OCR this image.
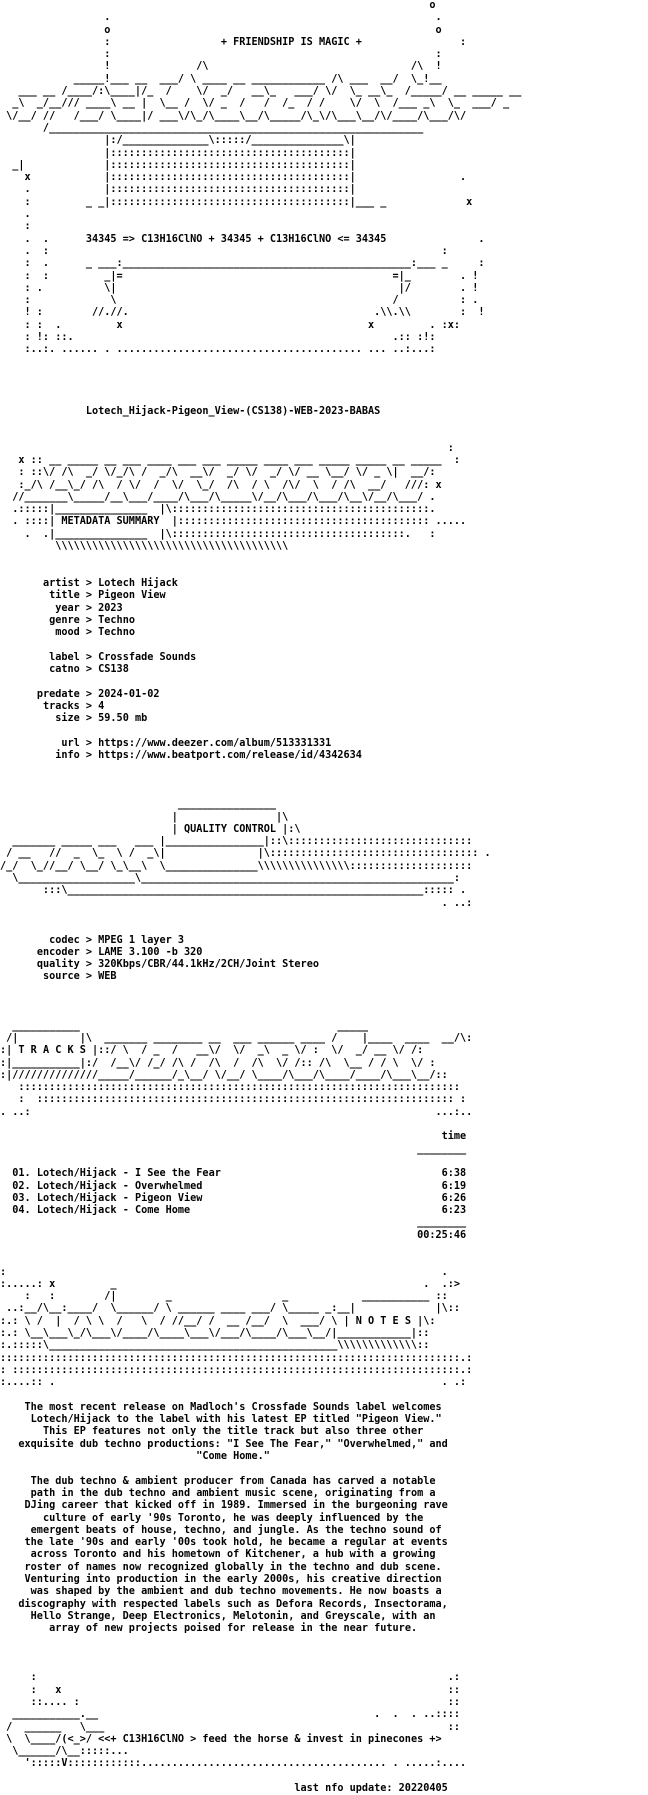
o
.                                                     .
o                                                     o
:                  + FRIENDSHIP IS MAGIC +                :
:                                                     :
!              /\                                 /\  !
_____!___ __  ___/ \ ____ __ ____________ /\ ___  __/  \_!__
___ __ /____/:\____|/_  /    \/  _/   __\_   ___/ \/  \_ __\_  /_____/ __ _____ __
_\  _/__/// ____\ __ |  \__ /  \/ _  /   /  /_  / /    \/  \  /___ _\  \_  ___/ _
\/__/ //   /___/ \____|/ ___\/\_/\____\__/\_____/\_\/\___\__/\/____/\___/\/
/_____________________________________________________________
|:/______________\:::::/_______________\|
|:::::::::::::::::::::::::::::::::::::::|
_|             |:::::::::::::::::::::::::::::::::::::::|
x            |:::::::::::::::::::::::::::::::::::::::|                 .
.            |:::::::::::::::::::::::::::::::::::::::|
:         _ _|:::::::::::::::::::::::::::::::::::::::|___ _             x
.
:
.  .      34345 => C13H16ClNO + 34345 + C13H16ClNO <= 34345               .
.  :                                                                :
:  .      _ ___:_______________________________________________:___ _     :
:  :         _|=                                            =|_        . !
: .          \|                                              |/        . !
:             \                                             /          : .
! :        //.//.                                        .\\.\\        :  !
: :  .         x                                        x         . :x:
: !: ::.                                                    .:: :!:
:..:. ...... . ........................................ ... ..:...:
Lotech_Hijack-Pigeon_View-(CS138)-WEB-2023-BABAS
:
x :: __ _____ __ ___ ____ ___ ___ _____ ____ ___ _____ _____ __ _____  :
: ::\/ /\  _/ \/_/\ /  _/\  __\/  _/ \/  _/ \/ __ \__/ \/ _ \|  __/:
:_/\ /__\_/ /\  / \/  /  \/  \_/  /\  / \  /\/  \  / /\  __/   ///: x
//_______\_____/__\___/____/\___/\_____\/__/\___/\___/\__\/__/\___/ .
.:::::|_______________  |\::::::::::::::::::::::::::::::::::::::::::.
. ::::| METADATA SUMMARY  |::::::::::::::::::::::::::::::::::::::::: .....
.  .|_______________  |\::::::::::::::::::::::::::::::::::::::.   :
\\\\\\\\\\\\\\\\\\\\\\\\\\\\\\\\\\\\\\
artist > Lotech Hijack
title > Pigeon View
year > 2023
genre > Techno
mood > Techno
label > Crossfade Sounds
catno > CS138
predate > 2024-01-02
tracks > 4
size > 59.50 mb
url > https://www.deezer.com/album/513331331
info > https://www.beatport.com/release/id/4342634
________________
|                |\
| QUALITY CONTROL |:\
_______ _____ ___   ___ |________________|::\::::::::::::::::::::::::::::::
/ __   //  _  \_  \ /  _\|               |\:::::::::::::::::::::::::::::::::: .
/_/  \_//__/ \__/ \_\__\  \_______________\\\\\\\\\\\\\\\::::::::::::::::::::
\___________________\___________________________________________________:
:::\__________________________________________________________::::: .
. ..:
codec > MPEG 1 layer 3
encoder > LAME 3.100 -b 320
quality > 320Kbps/CBR/44.1kHz/2CH/Joint Stereo
source > WEB
___________                                          _____
/|          |\  _______ ________ __  ___ ______ ____ /    |____  ____  __/\:
:| T R A C K S |::/ \  / _  /   __\/  \/  _\  _ \/ :  \/  _/ __ \/ /:
:|___________|:/  /__\/ /_/ /\ /  /\  /  /\  \/ /:: /\  \__ / / \  \/ :
:|//////////////_____/______/_\__/ \/__/ \____/\___/\____/____/\___\__/::
::::::::::::::::::::::::::::::::::::::::::::::::::::::::::::::::::::::::
:  :::::::::::::::::::::::::::::::::::::::::::::::::::::::::::::::::::: :
. ..:                                                                  ...:..
time
________
01. Lotech/Hijack - I See the Fear	6:38
02. Lotech/Hijack - Overwhelmed	6:19
03. Lotech/Hijack - Pigeon View	6:26
04. Lotech/Hijack - Come Home	6:23
________
00:25:46
:                                                                       .
:.....: x         _                                                  .  .:>
:   :        /|        _                  _            ___________ ::
..:__/\__:____/  \______/ \ ______ ____ ___/ \_____ _:__|             |\::
:.: \ /  |  / \ \  /   \  / //__/ /  __ /__/  \  ___/ \ | N O T E S |\:
:.: \__\___\_/\___\/____/\____\___\/___/\____/\___\__/|____________|::
:.:::::\_______________________________________________\\\\\\\\\\\\\::
:::::::::::::::::::::::::::::::::::::::::::::::::::::::::::::::::::::::::::.:
: :::::::::::::::::::::::::::::::::::::::::::::::::::::::::::::::::::::::::.:
:....:: .                                                               . .:
The most recent release on Madloch's Crossfade Sounds label welcomes
Lotech/Hijack to the label with his latest EP titled "Pigeon View."
This EP features not only the title track but also three other
exquisite dub techno productions: "I See The Fear," "Overwhelmed," and
"Come Home."
The dub techno & ambient producer from Canada has carved a notable
path in the dub techno and ambient music scene, originating from a
DJing career that kicked off in 1989. Immersed in the burgeoning rave
culture of early '90s Toronto, he was deeply influenced by the
emergent beats of house, techno, and jungle. As the techno sound of
the late '90s and early '00s took hold, he became a regular at events
across Toronto and his hometown of Kitchener, a hub with a growing
roster of names now recognized globally in the techno and dub scene.
Venturing into production in the early 2000s, his creative direction
was shaped by the ambient and dub techno movements. He now boasts a
discography with respected labels such as Defora Records, Insectorama,
Hello Strange, Deep Electronics, Melotonin, and Greyscale, with an
array of new projects poised for release in the near future.
:                                                                   .:
:   x                                                               ::
::.... :                                                            ::
___________.__                                             .  .  . ..::::
/  ______   \___                                                        ::
\  \____/(<_>/ <<+ C13H16ClNO > feed the horse & invest in pinecones +>
\______/\__:::::...
':::::V::::::::::::........................................ . .....:....
last nfo update: 20220405
